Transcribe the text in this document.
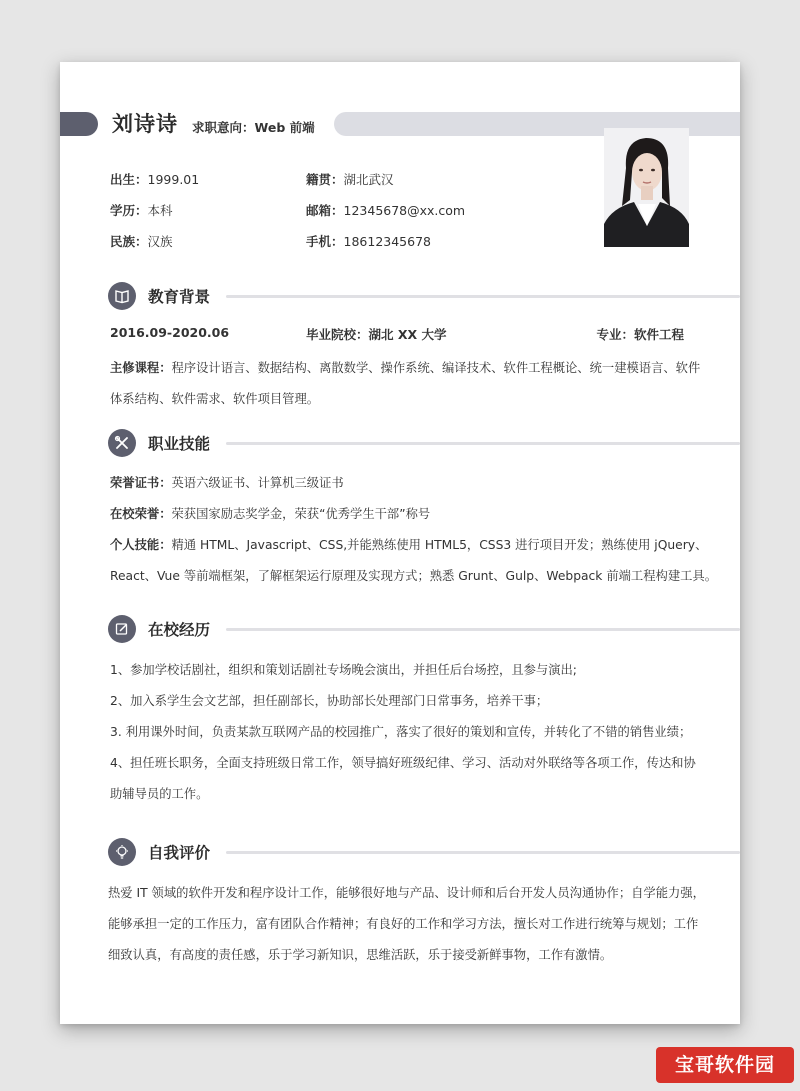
刘诗诗 求职意向：Web 前端
出生：1999.01	籍贯：湖北武汉
学历：本科	邮箱：12345678@xx.com
民族：汉族	手机：18612345678
教育背景
2016.09-2020.06	毕业院校：湖北 XX 大学	专业：软件工程
主修课程：程序设计语言、数据结构、离散数学、操作系统、编译技术、软件工程概论、统一建模语言、软件
体系结构、软件需求、软件项目管理。
职业技能
荣誉证书：英语六级证书、计算机三级证书
在校荣誉：荣获国家励志奖学金，荣获“优秀学生干部”称号
个人技能：精通 HTML、Javascript、CSS,并能熟练使用 HTML5，CSS3 进行项目开发；熟练使用 jQuery、
React、Vue 等前端框架，了解框架运行原理及实现方式；熟悉 Grunt、Gulp、Webpack 前端工程构建工具。
在校经历
1、参加学校话剧社，组织和策划话剧社专场晚会演出，并担任后台场控，且参与演出;
2、加入系学生会文艺部，担任副部长，协助部长处理部门日常事务，培养干事；
3. 利用课外时间，负责某款互联网产品的校园推广，落实了很好的策划和宣传，并转化了不错的销售业绩；
4、担任班长职务，全面支持班级日常工作，领导搞好班级纪律、学习、活动对外联络等各项工作，传达和协
助辅导员的工作。
自我评价
热爱 IT 领域的软件开发和程序设计工作，能够很好地与产品、设计师和后台开发人员沟通协作；自学能力强，
能够承担一定的工作压力，富有团队合作精神；有良好的工作和学习方法，擅长对工作进行统筹与规划；工作
细致认真，有高度的责任感，乐于学习新知识，思维活跃，乐于接受新鲜事物，工作有激情。
宝哥软件园
